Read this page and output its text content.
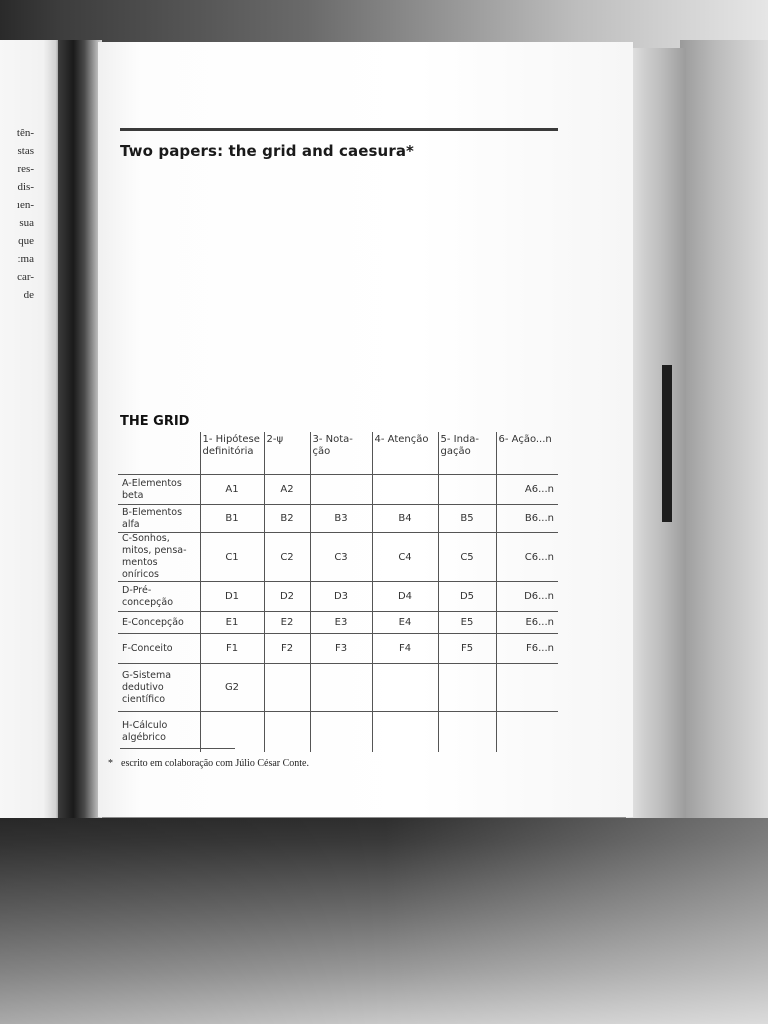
tên-
stas
res-
dis-
ıen-
sua
que
ːma
car-
de
Two papers: the grid and caesura*
THE GRID
	1- Hipótese definitória	2-ψ	3- Nota-ção	4- Atenção	5- Inda-gação	6- Ação...n
A-Elementos beta	A1	A2				A6...n
B-Elementos alfa	B1	B2	B3	B4	B5	B6...n
C-Sonhos, mitos, pensa-mentos oníricos	C1	C2	C3	C4	C5	C6...n
D-Pré-concepção	D1	D2	D3	D4	D5	D6...n
E-Concepção	E1	E2	E3	E4	E5	E6...n
F-Conceito	F1	F2	F3	F4	F5	F6...n
G-Sistema dedutivo científico	G2					
H-Cálculo algébrico						
* escrito em colaboração com Júlio César Conte.
